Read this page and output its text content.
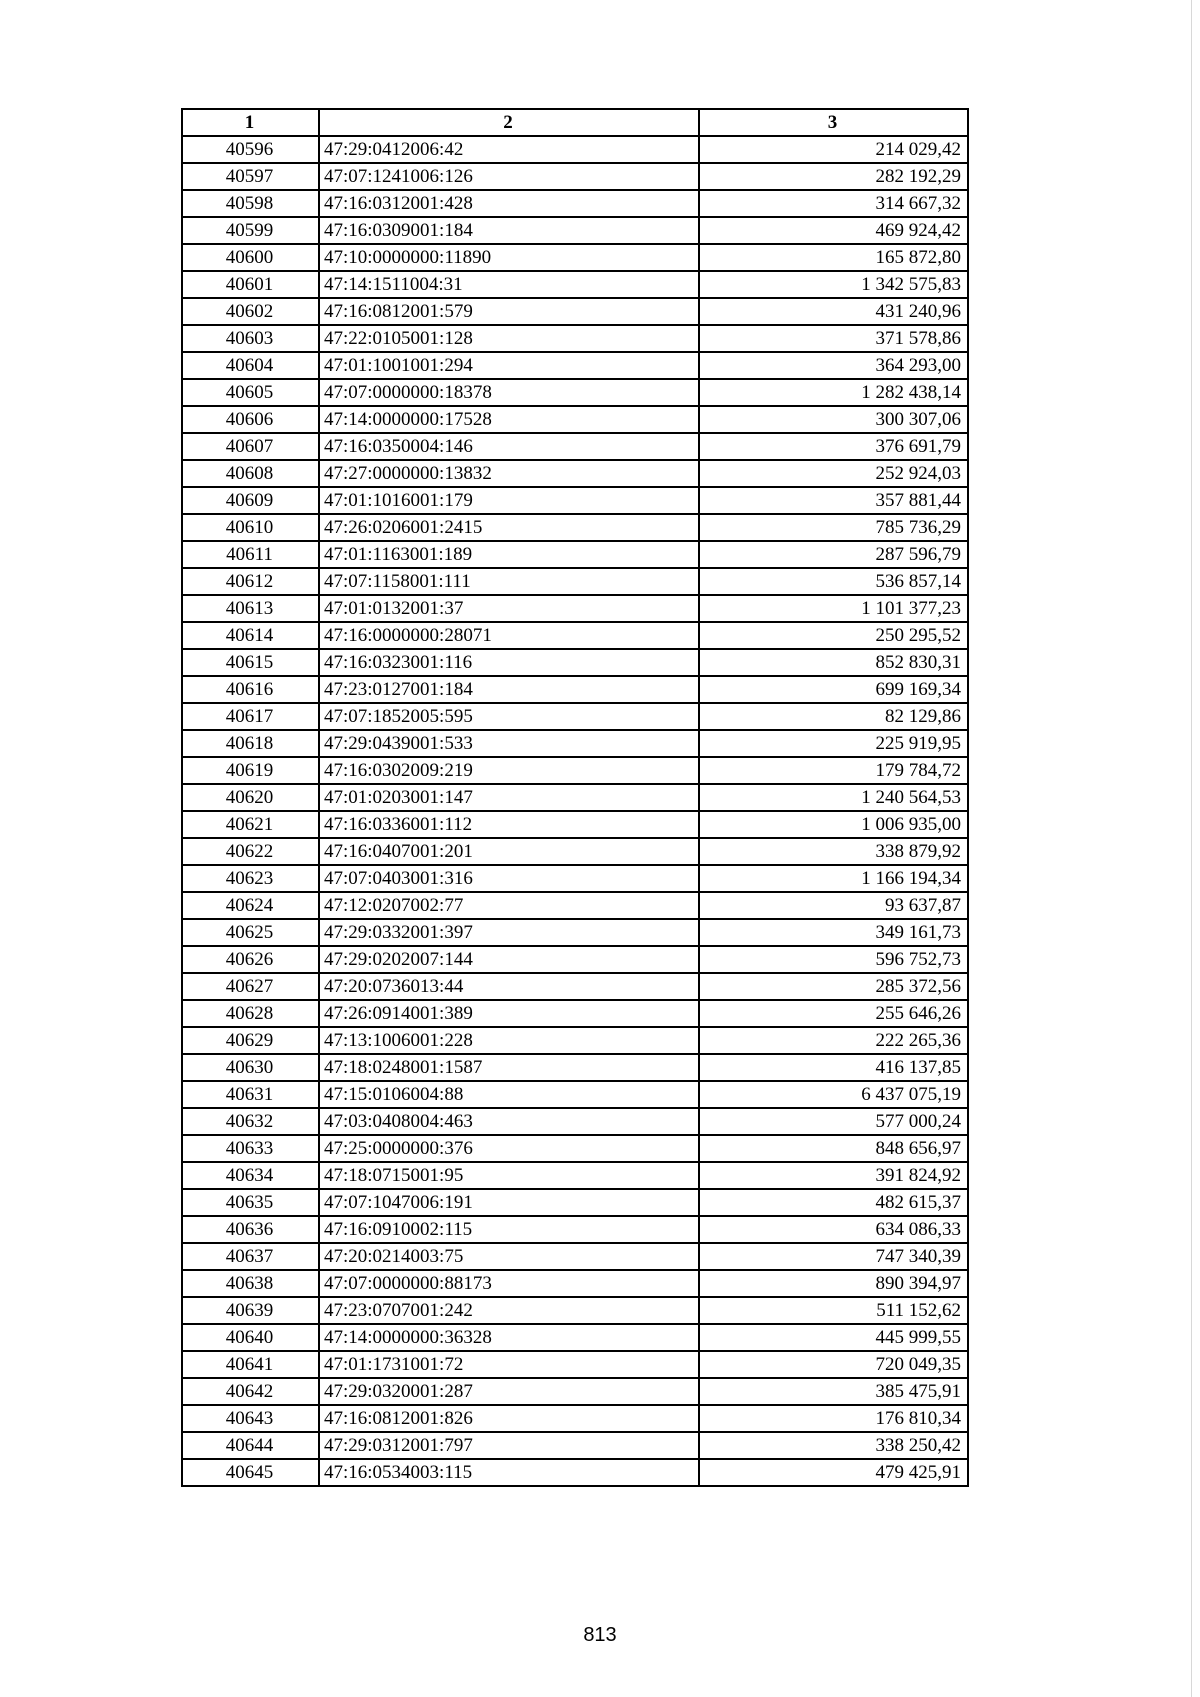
1	2	3
40596	47:29:0412006:42	214 029,42
40597	47:07:1241006:126	282 192,29
40598	47:16:0312001:428	314 667,32
40599	47:16:0309001:184	469 924,42
40600	47:10:0000000:11890	165 872,80
40601	47:14:1511004:31	1 342 575,83
40602	47:16:0812001:579	431 240,96
40603	47:22:0105001:128	371 578,86
40604	47:01:1001001:294	364 293,00
40605	47:07:0000000:18378	1 282 438,14
40606	47:14:0000000:17528	300 307,06
40607	47:16:0350004:146	376 691,79
40608	47:27:0000000:13832	252 924,03
40609	47:01:1016001:179	357 881,44
40610	47:26:0206001:2415	785 736,29
40611	47:01:1163001:189	287 596,79
40612	47:07:1158001:111	536 857,14
40613	47:01:0132001:37	1 101 377,23
40614	47:16:0000000:28071	250 295,52
40615	47:16:0323001:116	852 830,31
40616	47:23:0127001:184	699 169,34
40617	47:07:1852005:595	82 129,86
40618	47:29:0439001:533	225 919,95
40619	47:16:0302009:219	179 784,72
40620	47:01:0203001:147	1 240 564,53
40621	47:16:0336001:112	1 006 935,00
40622	47:16:0407001:201	338 879,92
40623	47:07:0403001:316	1 166 194,34
40624	47:12:0207002:77	93 637,87
40625	47:29:0332001:397	349 161,73
40626	47:29:0202007:144	596 752,73
40627	47:20:0736013:44	285 372,56
40628	47:26:0914001:389	255 646,26
40629	47:13:1006001:228	222 265,36
40630	47:18:0248001:1587	416 137,85
40631	47:15:0106004:88	6 437 075,19
40632	47:03:0408004:463	577 000,24
40633	47:25:0000000:376	848 656,97
40634	47:18:0715001:95	391 824,92
40635	47:07:1047006:191	482 615,37
40636	47:16:0910002:115	634 086,33
40637	47:20:0214003:75	747 340,39
40638	47:07:0000000:88173	890 394,97
40639	47:23:0707001:242	511 152,62
40640	47:14:0000000:36328	445 999,55
40641	47:01:1731001:72	720 049,35
40642	47:29:0320001:287	385 475,91
40643	47:16:0812001:826	176 810,34
40644	47:29:0312001:797	338 250,42
40645	47:16:0534003:115	479 425,91
813
